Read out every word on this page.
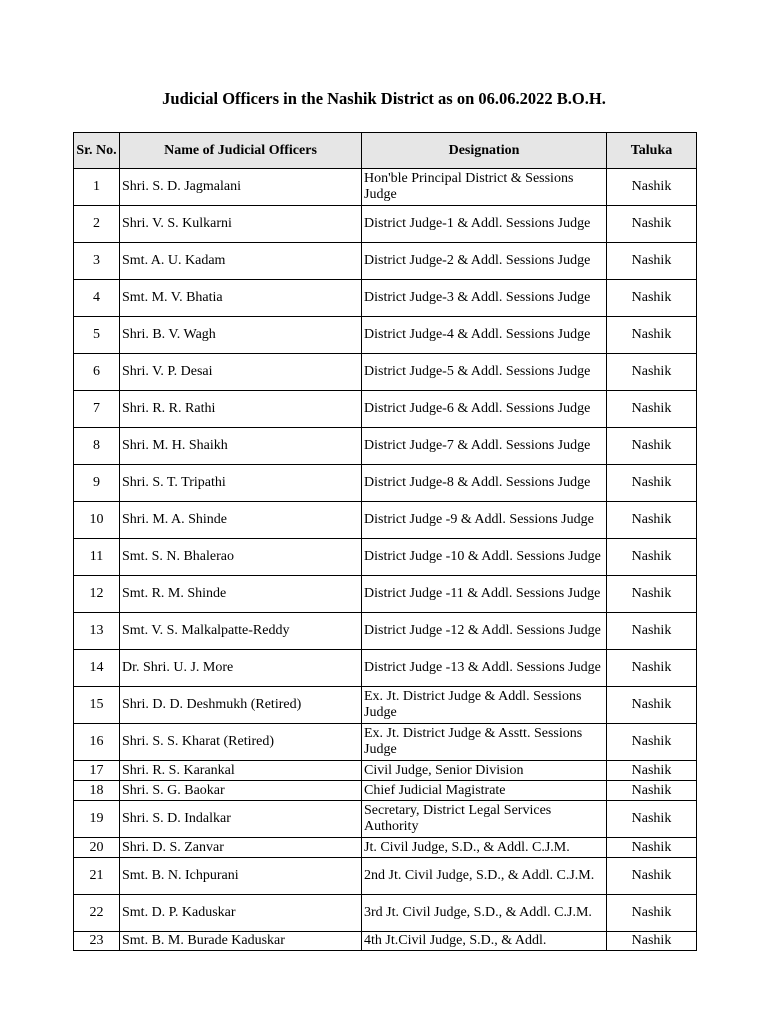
Judicial Officers in the Nashik District as on 06.06.2022 B.O.H.
Sr. No.	Name of Judicial Officers	Designation	Taluka
1	Shri. S. D. Jagmalani	Hon'ble Principal District & Sessions Judge	Nashik
2	Shri. V. S. Kulkarni	District Judge-1 & Addl. Sessions Judge	Nashik
3	Smt. A. U. Kadam	District Judge-2 & Addl. Sessions Judge	Nashik
4	Smt. M. V. Bhatia	District Judge-3 & Addl. Sessions Judge	Nashik
5	Shri. B. V. Wagh	District Judge-4 & Addl. Sessions Judge	Nashik
6	Shri. V. P. Desai	District Judge-5 & Addl. Sessions Judge	Nashik
7	Shri. R. R. Rathi	District Judge-6 & Addl. Sessions Judge	Nashik
8	Shri. M. H. Shaikh	District Judge-7 & Addl. Sessions Judge	Nashik
9	Shri. S. T. Tripathi	District Judge-8 & Addl. Sessions Judge	Nashik
10	Shri. M. A. Shinde	District Judge -9 & Addl. Sessions Judge	Nashik
11	Smt. S. N. Bhalerao	District Judge -10 & Addl. Sessions Judge	Nashik
12	Smt. R. M. Shinde	District Judge -11 & Addl. Sessions Judge	Nashik
13	Smt. V. S. Malkalpatte-Reddy	District Judge -12 & Addl. Sessions Judge	Nashik
14	Dr. Shri. U. J. More	District Judge -13 & Addl. Sessions Judge	Nashik
15	Shri. D. D. Deshmukh (Retired)	Ex. Jt. District Judge & Addl. Sessions Judge	Nashik
16	Shri. S. S. Kharat (Retired)	Ex. Jt. District Judge & Asstt. Sessions Judge	Nashik
17	Shri. R. S. Karankal	Civil Judge, Senior Division	Nashik
18	Shri. S. G. Baokar	Chief Judicial Magistrate	Nashik
19	Shri. S. D. Indalkar	Secretary, District Legal Services Authority	Nashik
20	Shri. D. S. Zanvar	Jt. Civil Judge, S.D., & Addl. C.J.M.	Nashik
21	Smt. B. N. Ichpurani	2nd Jt. Civil Judge, S.D., & Addl. C.J.M.	Nashik
22	Smt. D. P. Kaduskar	3rd Jt. Civil Judge, S.D., & Addl. C.J.M.	Nashik
23	Smt. B. M. Burade Kaduskar	4th Jt.Civil Judge, S.D., & Addl.	Nashik
